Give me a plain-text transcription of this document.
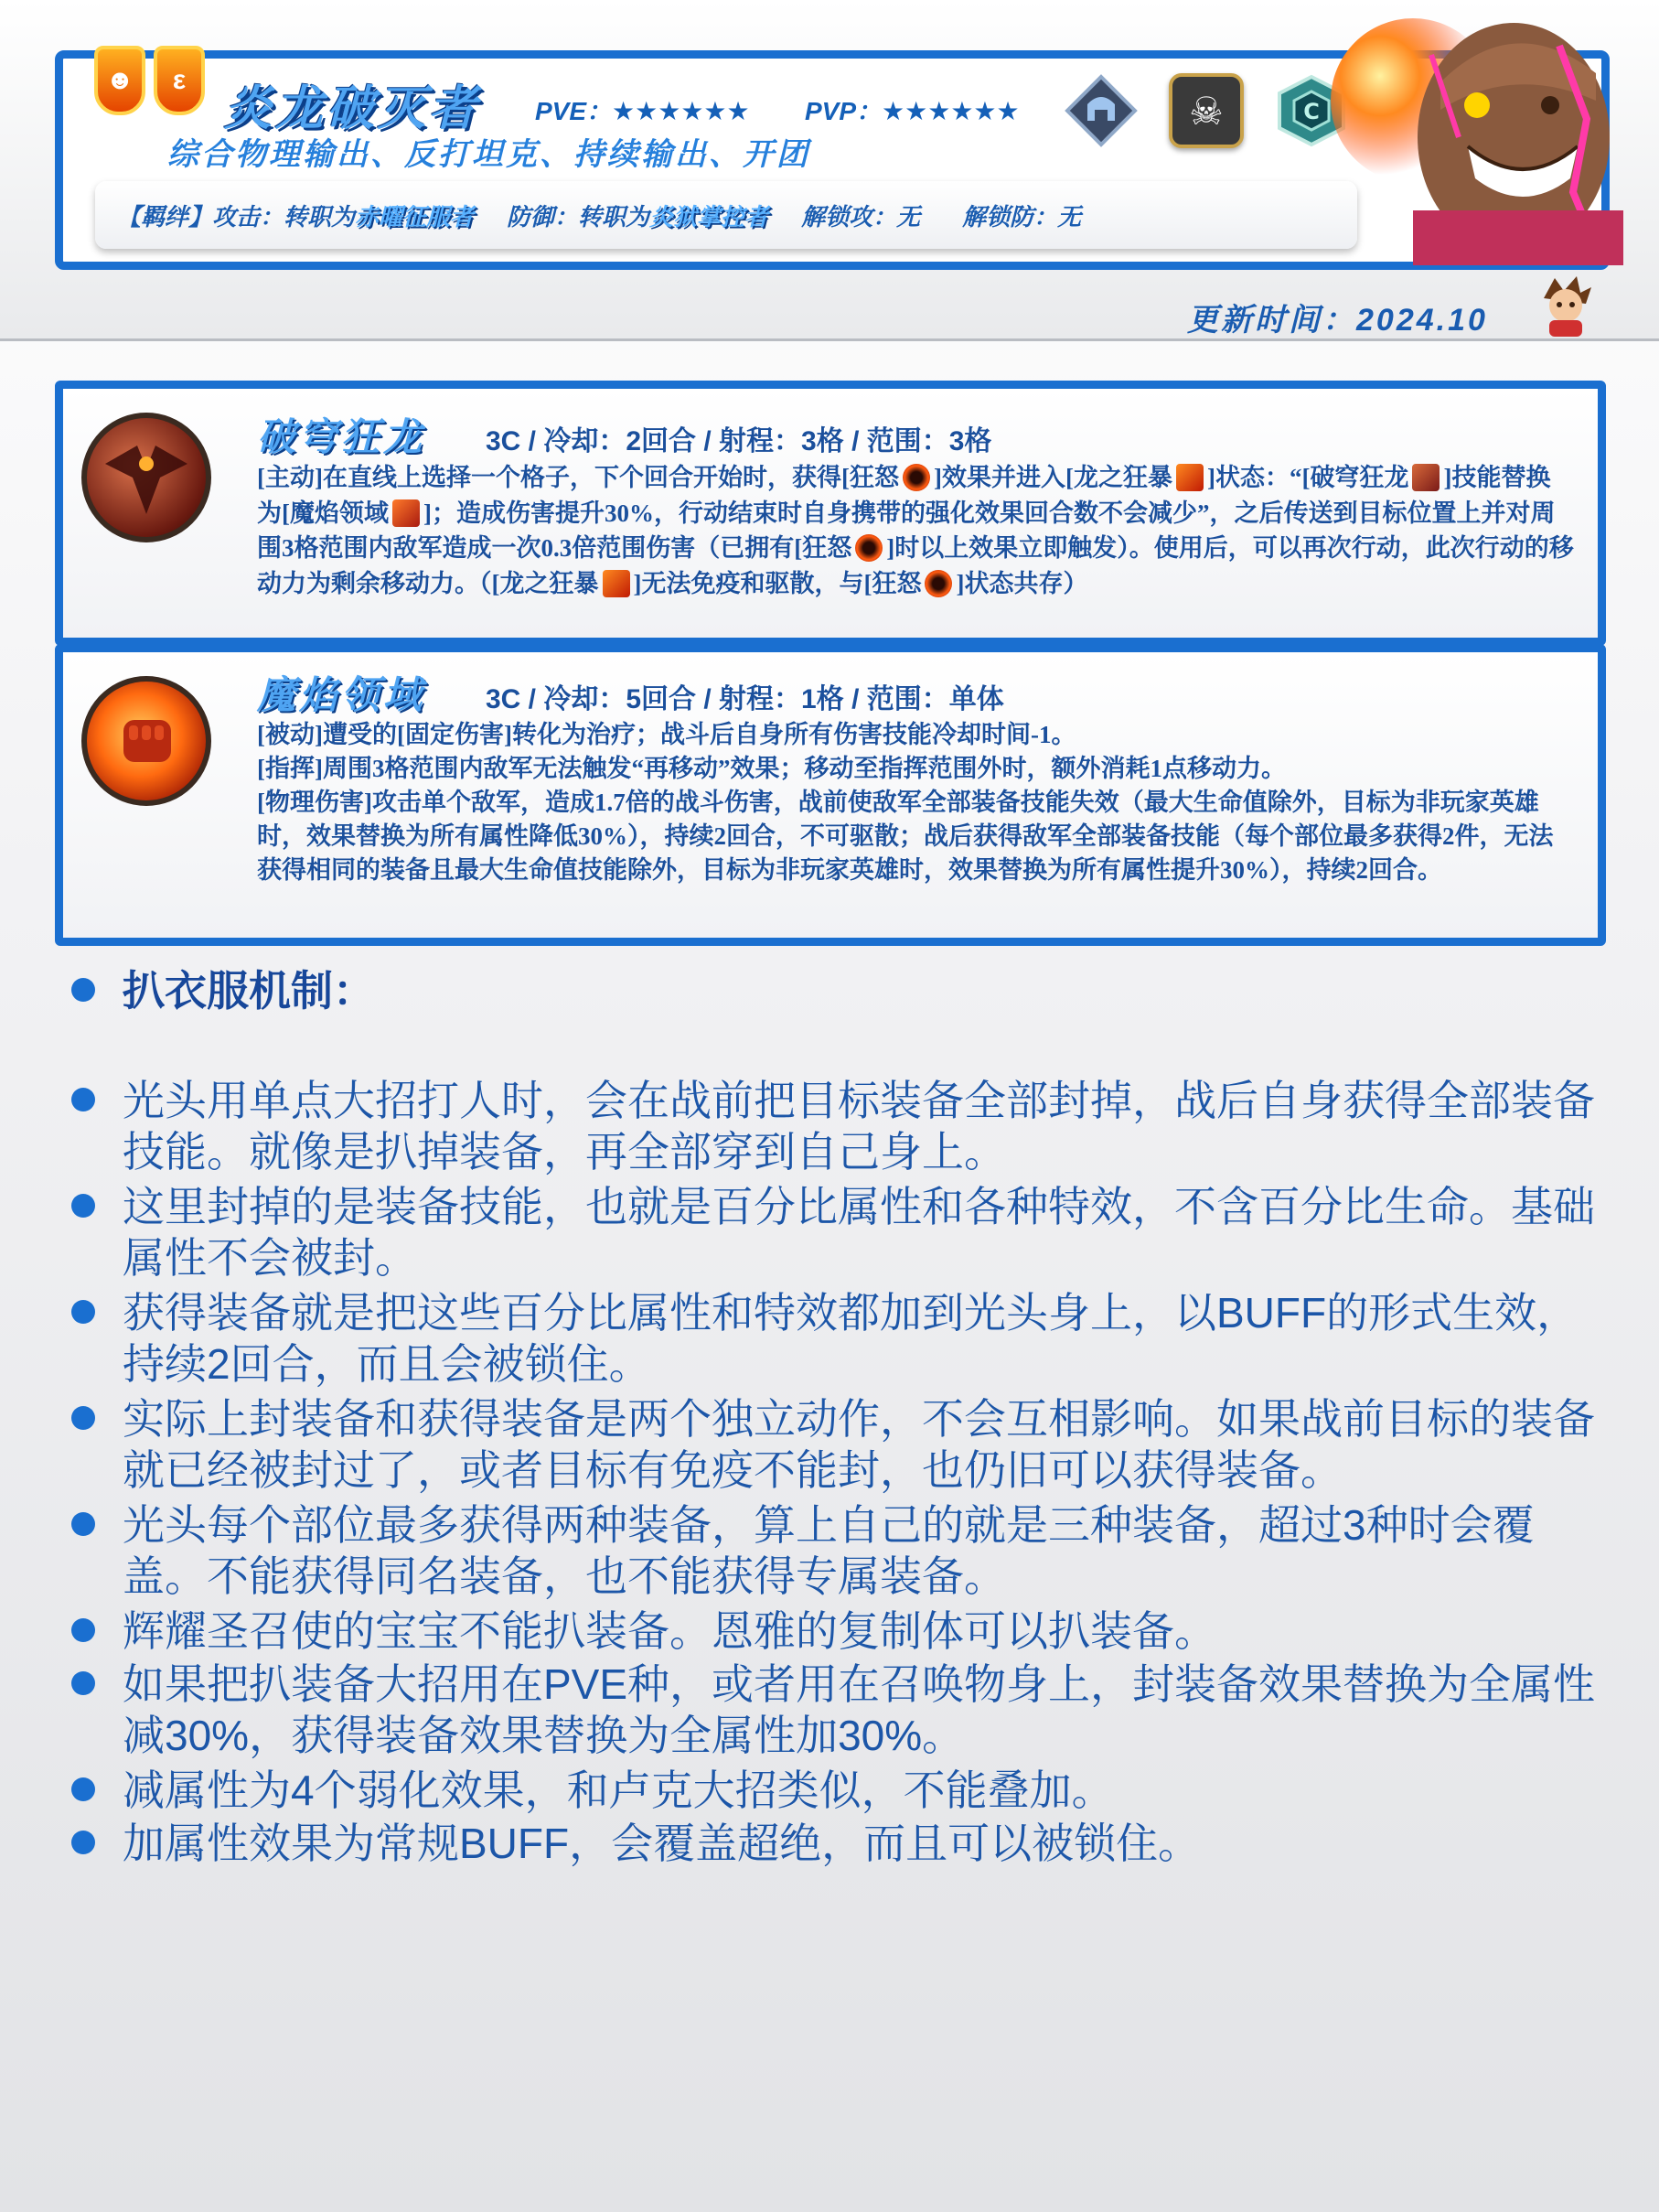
☻	ε
炎龙破灭者 PVE：★★★★★★ PVP：★★★★★★
综合物理输出、反打坦克、持续输出、开团
☠	C
【羁绊】攻击：转职为 赤曜征服者 防御：转职为 炎狱掌控者 解锁攻：无 解锁防：无
更新时间：2024.10
破穹狂龙 3C / 冷却：2回合 / 射程：3格 / 范围：3格
[主动]在直线上选择一个格子，下个回合开始时，获得[狂怒 ]效果并进入[龙之狂暴 ]状态：“[破穹狂龙 ]技能替换为[魔焰领域 ]；造成伤害提升30%，行动结束时自身携带的强化效果回合数不会减少”，之后传送到目标位置上并对周围3格范围内敌军造成一次0.3倍范围伤害（已拥有[狂怒 ]时以上效果立即触发）。使用后，可以再次行动，此次行动的移动力为剩余移动力。（[龙之狂暴 ]无法免疫和驱散，与[狂怒 ]状态共存）
魔焰领域 3C / 冷却：5回合 / 射程：1格 / 范围：单体
[被动]遭受的[固定伤害]转化为治疗；战斗后自身所有伤害技能冷却时间-1。
[指挥]周围3格范围内敌军无法触发“再移动”效果；移动至指挥范围外时，额外消耗1点移动力。
[物理伤害]攻击单个敌军，造成1.7倍的战斗伤害，战前使敌军全部装备技能失效（最大生命值除外，目标为非玩家英雄时，效果替换为所有属性降低30%），持续2回合，不可驱散；战后获得敌军全部装备技能（每个部位最多获得2件，无法获得相同的装备且最大生命值技能除外，目标为非玩家英雄时，效果替换为所有属性提升30%），持续2回合。
扒衣服机制：
光头用单点大招打人时，会在战前把目标装备全部封掉，战后自身获得全部装备技能。就像是扒掉装备，再全部穿到自己身上。
这里封掉的是装备技能，也就是百分比属性和各种特效，不含百分比生命。基础属性不会被封。
获得装备就是把这些百分比属性和特效都加到光头身上，以BUFF的形式生效，持续2回合，而且会被锁住。
实际上封装备和获得装备是两个独立动作，不会互相影响。如果战前目标的装备就已经被封过了，或者目标有免疫不能封，也仍旧可以获得装备。
光头每个部位最多获得两种装备，算上自己的就是三种装备，超过3种时会覆盖。不能获得同名装备，也不能获得专属装备。
辉耀圣召使的宝宝不能扒装备。恩雅的复制体可以扒装备。
如果把扒装备大招用在PVE种，或者用在召唤物身上，封装备效果替换为全属性减30%，获得装备效果替换为全属性加30%。
减属性为4个弱化效果，和卢克大招类似，不能叠加。
加属性效果为常规BUFF，会覆盖超绝，而且可以被锁住。
